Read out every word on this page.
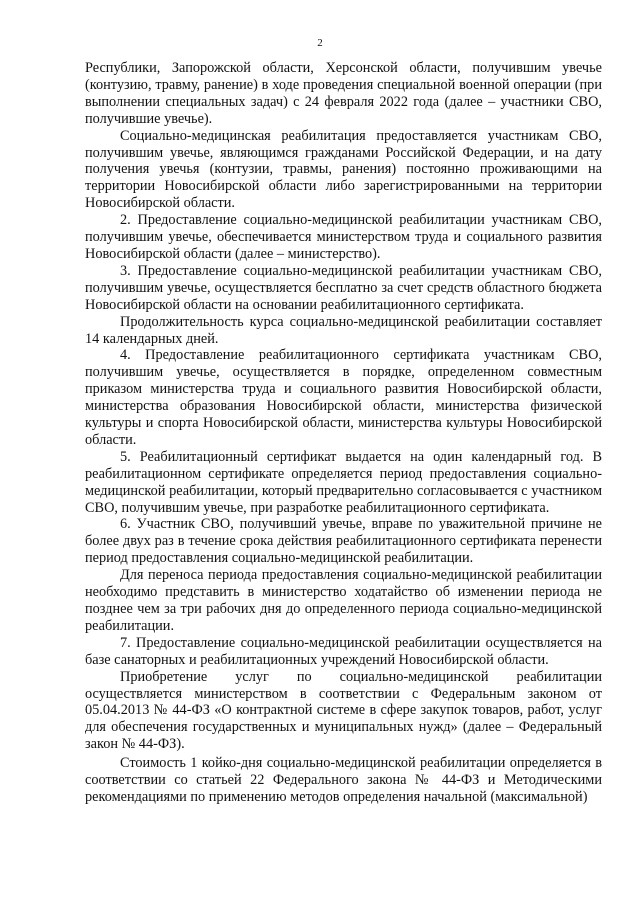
2

Республики, Запорожской области, Херсонской области, получившим увечье (контузию, травму, ранение) в ходе проведения специальной военной операции (при выполнении специальных задач) с 24 февраля 2022 года (далее – участники СВО, получившие увечье).

Социально-медицинская реабилитация предоставляется участникам СВО, получившим увечье, являющимся гражданами Российской Федерации, и на дату получения увечья (контузии, травмы, ранения) постоянно проживающими на территории Новосибирской области либо зарегистрированными на территории Новосибирской области.

2. Предоставление социально-медицинской реабилитации участникам СВО, получившим увечье, обеспечивается министерством труда и социального развития Новосибирской области (далее – министерство).

3. Предоставление социально-медицинской реабилитации участникам СВО, получившим увечье, осуществляется бесплатно за счет средств областного бюджета Новосибирской области на основании реабилитационного сертификата.

Продолжительность курса социально-медицинской реабилитации составляет 14 календарных дней.

4. Предоставление реабилитационного сертификата участникам СВО, получившим увечье, осуществляется в порядке, определенном совместным приказом министерства труда и социального развития Новосибирской области, министерства образования Новосибирской области, министерства физической культуры и спорта Новосибирской области, министерства культуры Новосибирской области.

5. Реабилитационный сертификат выдается на один календарный год. В реабилитационном сертификате определяется период предоставления социально-медицинской реабилитации, который предварительно согласовывается с участником СВО, получившим увечье, при разработке реабилитационного сертификата.

6. Участник СВО, получивший увечье, вправе по уважительной причине не более двух раз в течение срока действия реабилитационного сертификата перенести период предоставления социально-медицинской реабилитации.

Для переноса периода предоставления социально-медицинской реабилитации необходимо представить в министерство ходатайство об изменении периода не позднее чем за три рабочих дня до определенного периода социально-медицинской реабилитации.

7. Предоставление социально-медицинской реабилитации осуществляется на базе санаторных и реабилитационных учреждений Новосибирской области.

Приобретение услуг по социально-медицинской реабилитации осуществляется министерством в соответствии с Федеральным законом от 05.04.2013 № 44-ФЗ «О контрактной системе в сфере закупок товаров, работ, услуг для обеспечения государственных и муниципальных нужд» (далее – Федеральный закон № 44-ФЗ).

Стоимость 1 койко-дня социально-медицинской реабилитации определяется в соответствии со статьей 22 Федерального закона № 44-ФЗ и Методическими рекомендациями по применению методов определения начальной (максимальной)
